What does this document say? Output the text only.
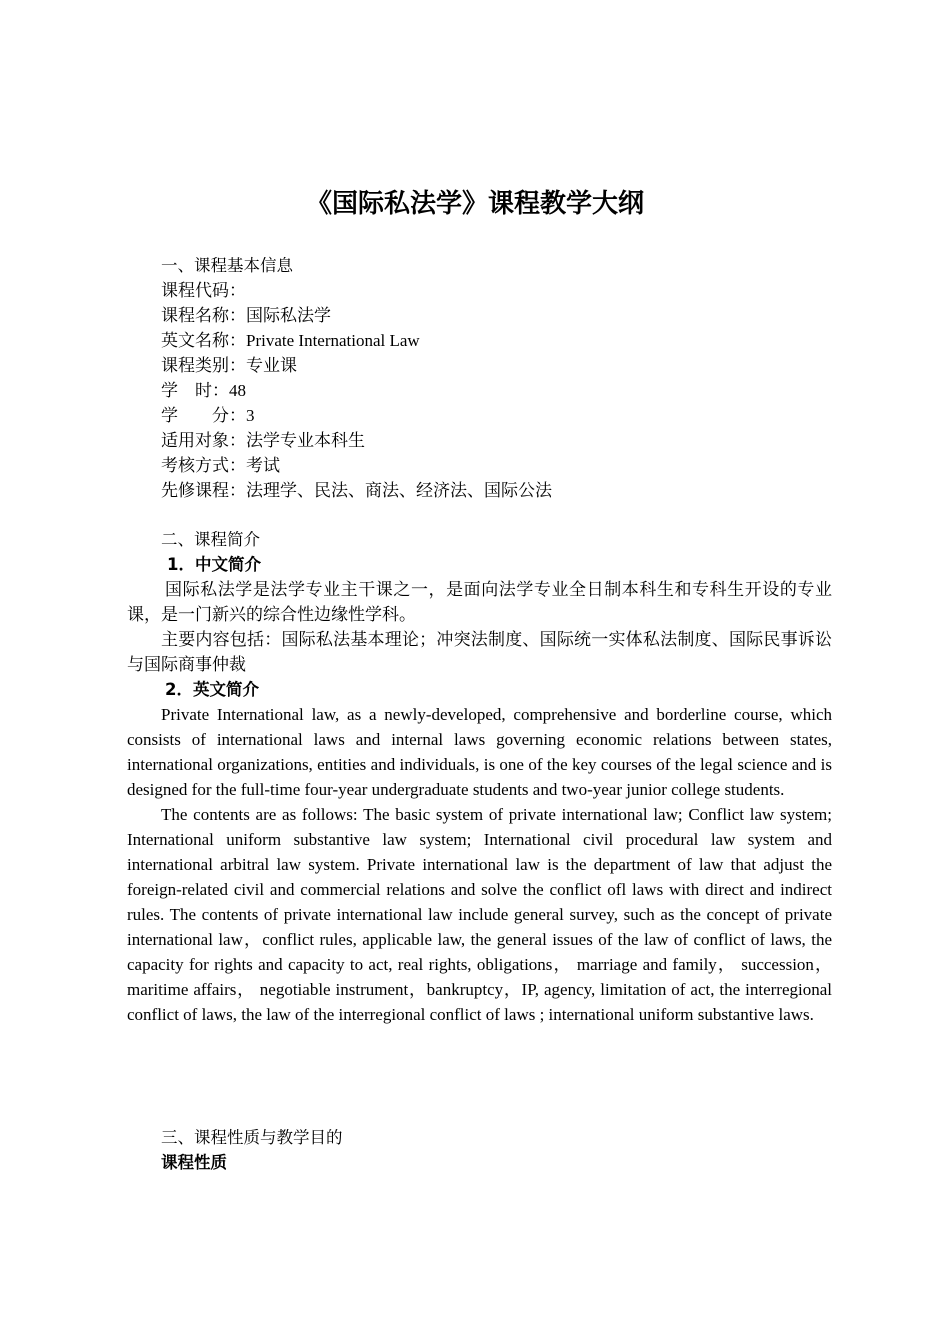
《国际私法学》课程教学大纲

一、课程基本信息

课程代码：

课程名称：国际私法学

英文名称：Private International Law

课程类别：专业课

学　时：48

学　　分：3

适用对象：法学专业本科生

考核方式：考试

先修课程：法理学、民法、商法、经济法、国际公法

二、课程简介

1．中文简介

国际私法学是法学专业主干课之一，是面向法学专业全日制本科生和专科生开设的专业课，是一门新兴的综合性边缘性学科。

主要内容包括：国际私法基本理论；冲突法制度、国际统一实体私法制度、国际民事诉讼与国际商事仲裁

2．英文简介

Private International law, as a newly-developed, comprehensive and borderline course, which consists of international laws and internal laws governing economic relations between states, international organizations, entities and individuals, is one of the key courses of the legal science and is designed for the full-time four-year undergraduate students and two-year junior college students.

The contents are as follows: The basic system of private international law; Conflict law system; International uniform substantive law system; International civil procedural law system and international arbitral law system. Private international law is the department of law that adjust the foreign-related civil and commercial relations and solve the conflict ofl laws with direct and indirect rules. The contents of private international law include general survey, such as the concept of private international law，conflict rules, applicable law, the general issues of the law of conflict of laws, the capacity for rights and capacity to act, real rights, obligations， marriage and family， succession， maritime affairs， negotiable instrument，bankruptcy，IP, agency, limitation of act, the interregional conflict of laws, the law of the interregional conflict of laws ; international uniform substantive laws.

三、课程性质与教学目的

课程性质
